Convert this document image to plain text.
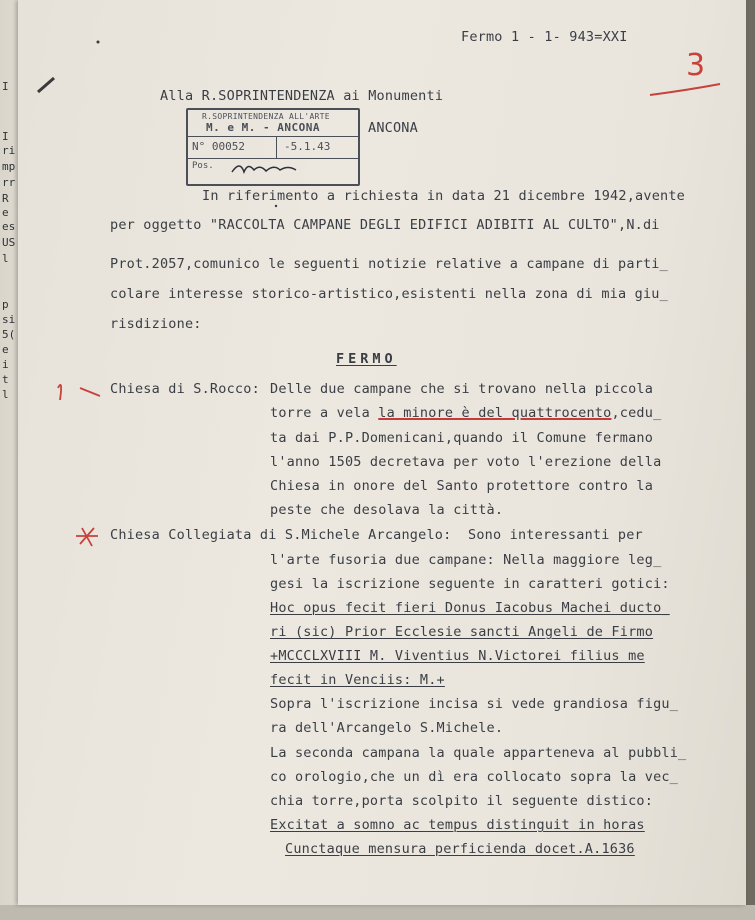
I
I
ri
mp
rr
R
e
es
US
l
p
si
5(
e
i
t
l
Fermo 1 - 1- 943=XXI
3
Alla R.SOPRINTENDENZA ai Monumenti
ANCONA
R.SOPRINTENDENZA ALL'ARTE
M. e M. - ANCONA
N° 00052	-5.1.43
Pos.
In riferimento a richiesta in data 21 dicembre 1942,avente
per oggetto "RACCOLTA CAMPANE DEGLI EDIFICI ADIBITI AL CULTO",N.di
Prot.2057,comunico le seguenti notizie relative a campane di parti_
colare interesse storico-artistico,esistenti nella zona di mia giu_
risdizione:
FERMO
Chiesa di S.Rocco: Delle due campane che si trovano nella piccola
torre a vela la minore è del quattrocento,cedu_
ta dai P.P.Domenicani,quando il Comune fermano
l'anno 1505 decretava per voto l'erezione della
Chiesa in onore del Santo protettore contro la
peste che desolava la città.
Chiesa Collegiata di S.Michele Arcangelo: Sono interessanti per
l'arte fusoria due campane: Nella maggiore leg_
gesi la iscrizione seguente in caratteri gotici:
Hoc opus fecit fieri Donus Iacobus Machei ducto_
ri (sic) Prior Ecclesie sancti Angeli de Firmo
+MCCCLXVIII M. Viventius N.Victorei filius me
fecit in Venciis: M.+
Sopra l'iscrizione incisa si vede grandiosa figu_
ra dell'Arcangelo S.Michele.
La seconda campana la quale apparteneva al pubbli_
co orologio,che un dì era collocato sopra la vec_
chia torre,porta scolpito il seguente distico:
Excitat a somno ac tempus distinguit in horas
Cunctaque mensura perficienda docet.A.1636
